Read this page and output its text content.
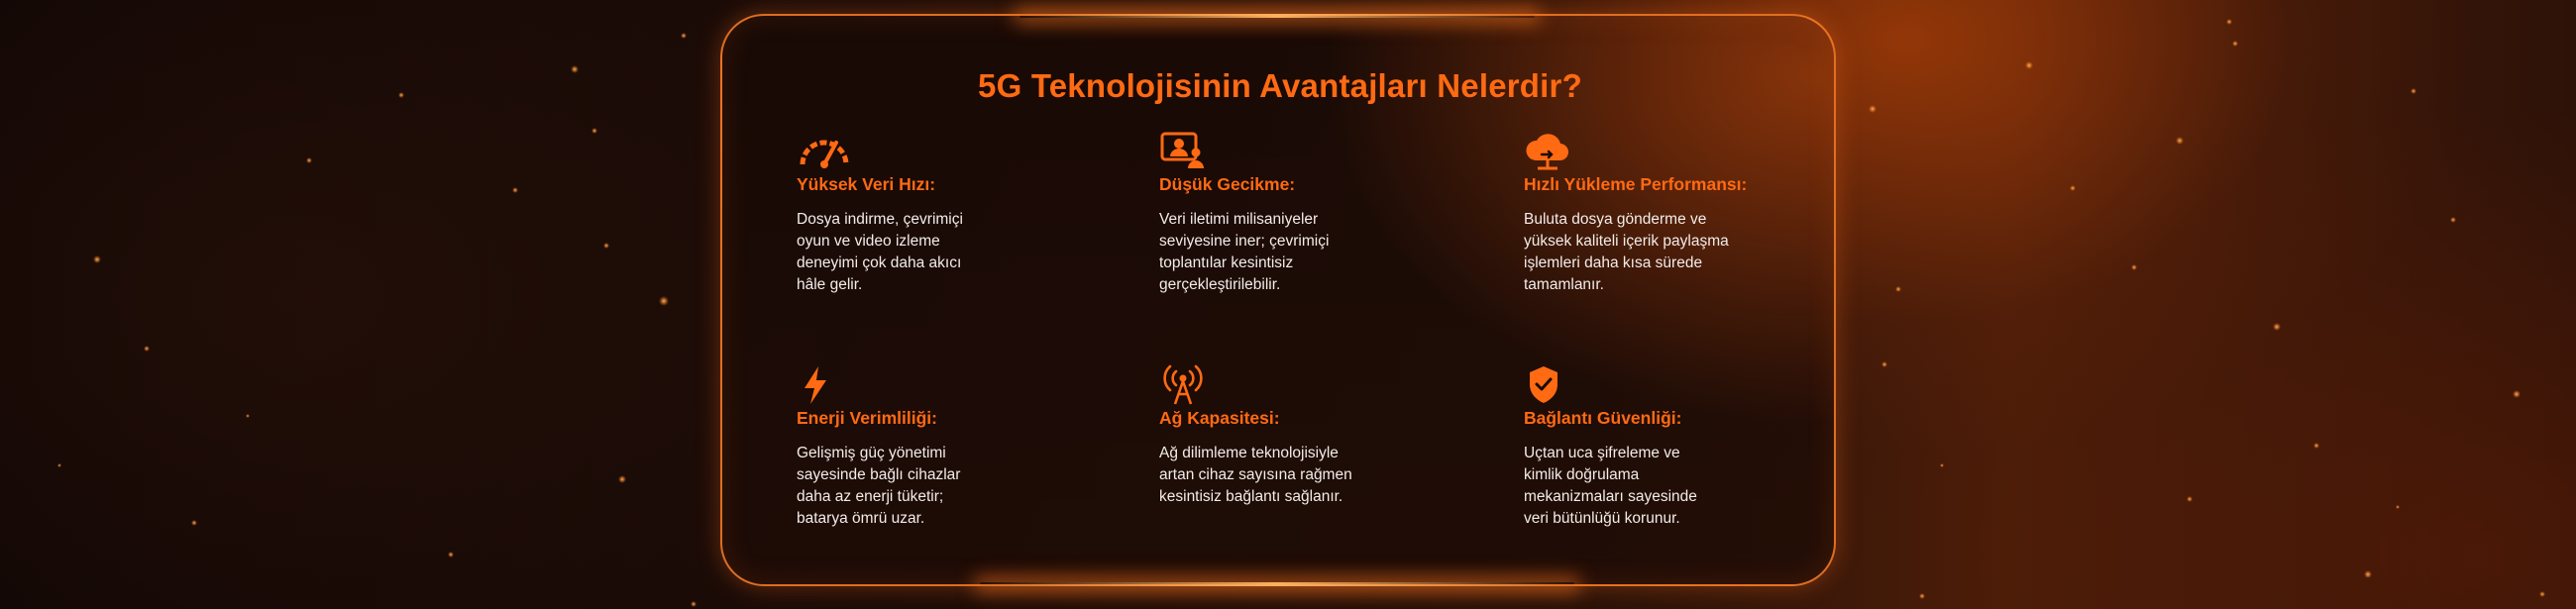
5G Teknolojisinin Avantajları Nelerdir?
Yüksek Veri Hızı:
Dosya indirme, çevrimiçi
oyun ve video izleme
deneyimi çok daha akıcı
hâle gelir.
Düşük Gecikme:
Veri iletimi milisaniyeler
seviyesine iner; çevrimiçi
toplantılar kesintisiz
gerçekleştirilebilir.
Hızlı Yükleme Performansı:
Buluta dosya gönderme ve
yüksek kaliteli içerik paylaşma
işlemleri daha kısa sürede
tamamlanır.
Enerji Verimliliği:
Gelişmiş güç yönetimi
sayesinde bağlı cihazlar
daha az enerji tüketir;
batarya ömrü uzar.
Ağ Kapasitesi:
Ağ dilimleme teknolojisiyle
artan cihaz sayısına rağmen
kesintisiz bağlantı sağlanır.
Bağlantı Güvenliği:
Uçtan uca şifreleme ve
kimlik doğrulama
mekanizmaları sayesinde
veri bütünlüğü korunur.
